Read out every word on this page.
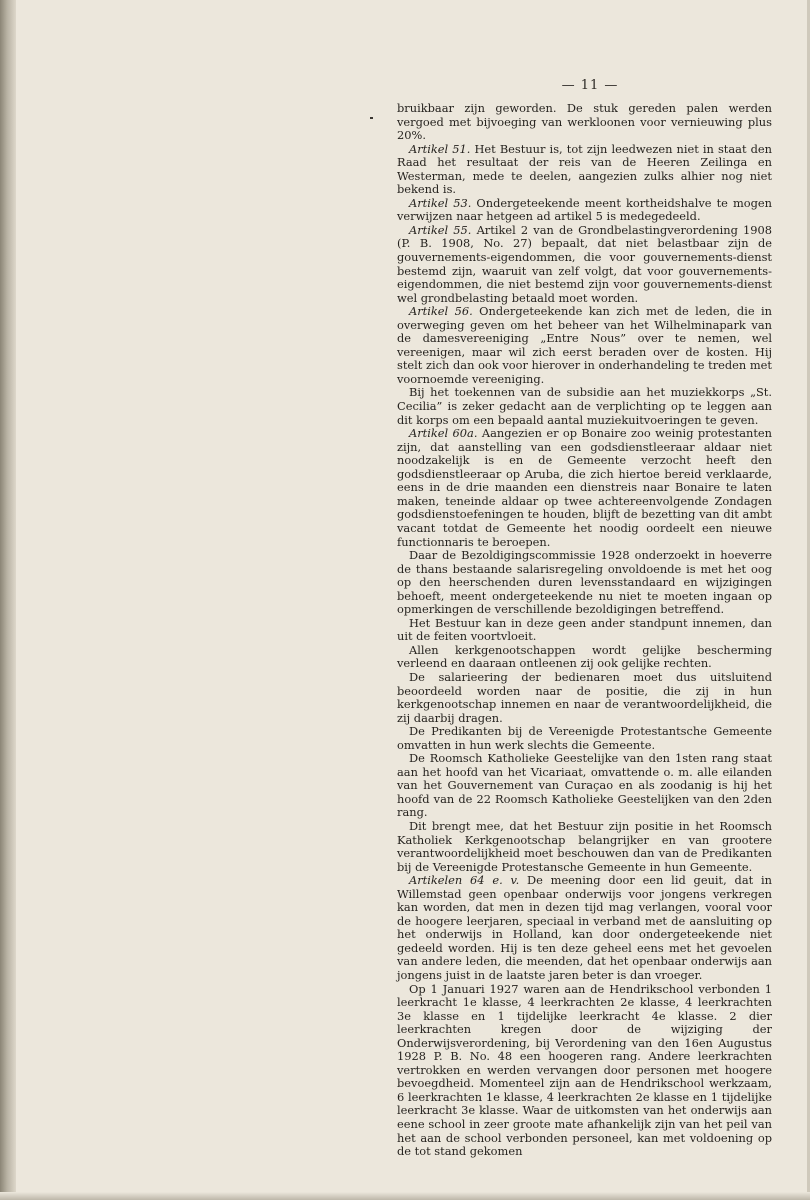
— 11 —

bruikbaar zijn geworden. De stuk gereden palen werden vergoed met bijvoeging van werkloonen voor vernieuwing plus 20%.

Artikel 51. Het Bestuur is, tot zijn leedwezen niet in staat den Raad het resultaat der reis van de Heeren Zeilinga en Westerman, mede te deelen, aangezien zulks alhier nog niet bekend is.

Artikel 53. Ondergeteekende meent kortheidshalve te mogen verwijzen naar hetgeen ad artikel 5 is medegedeeld.

Artikel 55. Artikel 2 van de Grondbelastingverordening 1908 (P. B. 1908, No. 27) bepaalt, dat niet belastbaar zijn de gouvernements-eigendommen, die voor gouvernements-dienst bestemd zijn, waaruit van zelf volgt, dat voor gouvernements-eigendommen, die niet bestemd zijn voor gouvernements-dienst wel grondbelasting betaald moet worden.

Artikel 56. Ondergeteekende kan zich met de leden, die in overweging geven om het beheer van het Wilhelminapark van de damesvereeniging „Entre Nous” over te nemen, wel vereenigen, maar wil zich eerst beraden over de kosten. Hij stelt zich dan ook voor hierover in onderhandeling te treden met voornoemde vereeniging.

Bij het toekennen van de subsidie aan het muziekkorps „St. Cecilia” is zeker gedacht aan de verplichting op te leggen aan dit korps om een bepaald aantal muziekuitvoeringen te geven.

Artikel 60a. Aangezien er op Bonaire zoo weinig protestanten zijn, dat aanstelling van een godsdienstleeraar aldaar niet noodzakelijk is en de Gemeente verzocht heeft den godsdienstleeraar op Aruba, die zich hiertoe bereid verklaarde, eens in de drie maanden een dienstreis naar Bonaire te laten maken, teneinde aldaar op twee achtereenvolgende Zondagen godsdienstoefeningen te houden, blijft de bezetting van dit ambt vacant totdat de Gemeente het noodig oordeelt een nieuwe functionnaris te beroepen.

Daar de Bezoldigingscommissie 1928 onderzoekt in hoeverre de thans bestaande salarisregeling onvoldoende is met het oog op den heerschenden duren levensstandaard en wijzigingen behoeft, meent ondergeteekende nu niet te moeten ingaan op opmerkingen de verschillende bezoldigingen betreffend.

Het Bestuur kan in deze geen ander standpunt innemen, dan uit de feiten voortvloeit.

Allen kerkgenootschappen wordt gelijke bescherming verleend en daaraan ontleenen zij ook gelijke rechten.

De salarieering der bedienaren moet dus uitsluitend beoordeeld worden naar de positie, die zij in hun kerkgenootschap innemen en naar de verantwoordelijkheid, die zij daarbij dragen.

De Predikanten bij de Vereenigde Protestantsche Gemeente omvatten in hun werk slechts die Gemeente.

De Roomsch Katholieke Geestelijke van den 1sten rang staat aan het hoofd van het Vicariaat, omvattende o. m. alle eilanden van het Gouvernement van Curaçao en als zoodanig is hij het hoofd van de 22 Roomsch Katholieke Geestelijken van den 2den rang.

Dit brengt mee, dat het Bestuur zijn positie in het Roomsch Katholiek Kerkgenootschap belangrijker en van grootere verantwoordelijkheid moet beschouwen dan van de Predikanten bij de Vereenigde Protestansche Gemeente in hun Gemeente.

Artikelen 64 e. v. De meening door een lid geuit, dat in Willemstad geen openbaar onderwijs voor jongens verkregen kan worden, dat men in dezen tijd mag verlangen, vooral voor de hoogere leerjaren, speciaal in verband met de aansluiting op het onderwijs in Holland, kan door ondergeteekende niet gedeeld worden. Hij is ten deze geheel eens met het gevoelen van andere leden, die meenden, dat het openbaar onderwijs aan jongens juist in de laatste jaren beter is dan vroeger.

Op 1 Januari 1927 waren aan de Hendrikschool verbonden 1 leerkracht 1e klasse, 4 leerkrachten 2e klasse, 4 leerkrachten 3e klasse en 1 tijdelijke leerkracht 4e klasse. 2 dier leerkrachten kregen door de wijziging der Onderwijsverordening, bij Verordening van den 16en Augustus 1928 P. B. No. 48 een hoogeren rang. Andere leerkrachten vertrokken en werden vervangen door personen met hoogere bevoegdheid. Momenteel zijn aan de Hendrikschool werkzaam, 6 leerkrachten 1e klasse, 4 leerkrachten 2e klasse en 1 tijdelijke leerkracht 3e klasse. Waar de uitkomsten van het onderwijs aan eene school in zeer groote mate afhankelijk zijn van het peil van het aan de school verbonden personeel, kan met voldoening op de tot stand gekomen
